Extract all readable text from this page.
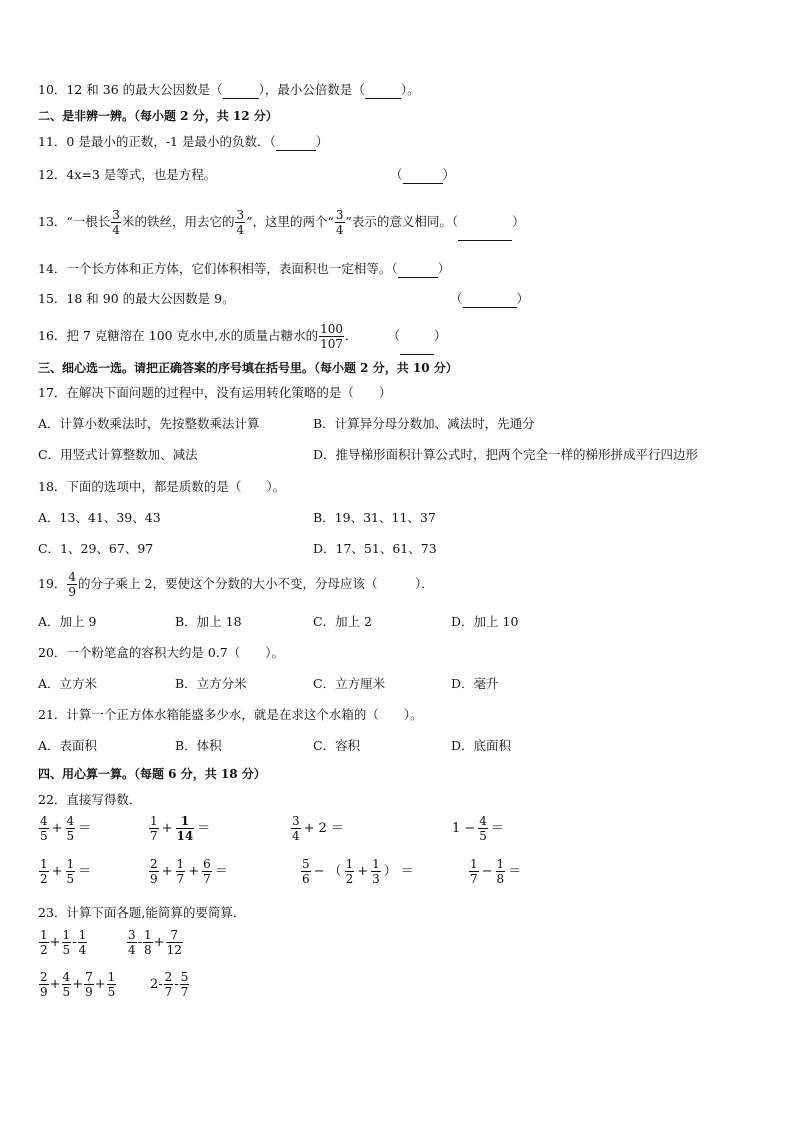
10．12 和 36 的最大公因数是（	），最小公倍数是（	）。
二、是非辨一辨。（每小题 2 分，共 12 分）
11．0 是最小的正数，-1 是最小的负数．（	）
12．4x=3 是等式，也是方程。	（	）
13．“一根长 $\frac{3}{4}$ 米的铁丝，用去它的 $\frac{3}{4}$ ”，这里的两个“ $\frac{3}{4}$ ”表示的意义相同。（	）
14．一个长方体和正方体，它们体积相等，表面积也一定相等。（	）
15．18 和 90 的最大公因数是 9。	（	）
16．把 7 克糖溶在 100 克水中,水的质量占糖水的 $\frac{100}{107}$ ． （	）
三、细心选一选。请把正确答案的序号填在括号里。（每小题 2 分，共 10 分）
17．在解决下面问题的过程中，没有运用转化策略的是（　　）
A．计算小数乘法时，先按整数乘法计算	B．计算异分母分数加、减法时，先通分
C．用竖式计算整数加、减法	D．推导梯形面积计算公式时，把两个完全一样的梯形拼成平行四边形
18．下面的选项中，都是质数的是（　　）。
A．13、41、39、43	B．19、31、11、37
C．1、29、67、97	D．17、51、61、73
19． $\frac{4}{9}$ 的分子乘上 2，要使这个分数的大小不变，分母应该（　　　）．
A．加上 9	B．加上 18	C．加上 2	D．加上 10
20．一个粉笔盒的容积大约是 0.7（　　）。
A．立方米	B．立方分米	C．立方厘米	D．毫升
21．计算一个正方体水箱能盛多少水，就是在求这个水箱的（　　）。
A．表面积	B．体积	C．容积	D．底面积
四、用心算一算。（每题 6 分，共 18 分）
22．直接写得数．
$\frac{4}{5} + \frac{4}{5}$ ＝	$\frac{1}{7} + \frac{1}{14}$ ＝	$\frac{3}{4} + 2$ ＝	$1 - \frac{4}{5}$ ＝
$\frac{1}{2} + \frac{1}{5}$ ＝	$\frac{2}{9} + \frac{1}{7} + \frac{6}{7}$ ＝	$\frac{5}{6}$ − （ $\frac{1}{2} + \frac{1}{3}$ ） ＝	$\frac{1}{7} - \frac{1}{8}$ ＝
23．计算下面各题,能简算的要简算．
$\frac{1}{2} + \frac{1}{5} - \frac{1}{4}$	$\frac{3}{4} - \frac{1}{8} + \frac{7}{12}$
$\frac{2}{9} + \frac{4}{5} + \frac{7}{9} + \frac{1}{5}$	$2- \frac{2}{7} - \frac{5}{7}$
